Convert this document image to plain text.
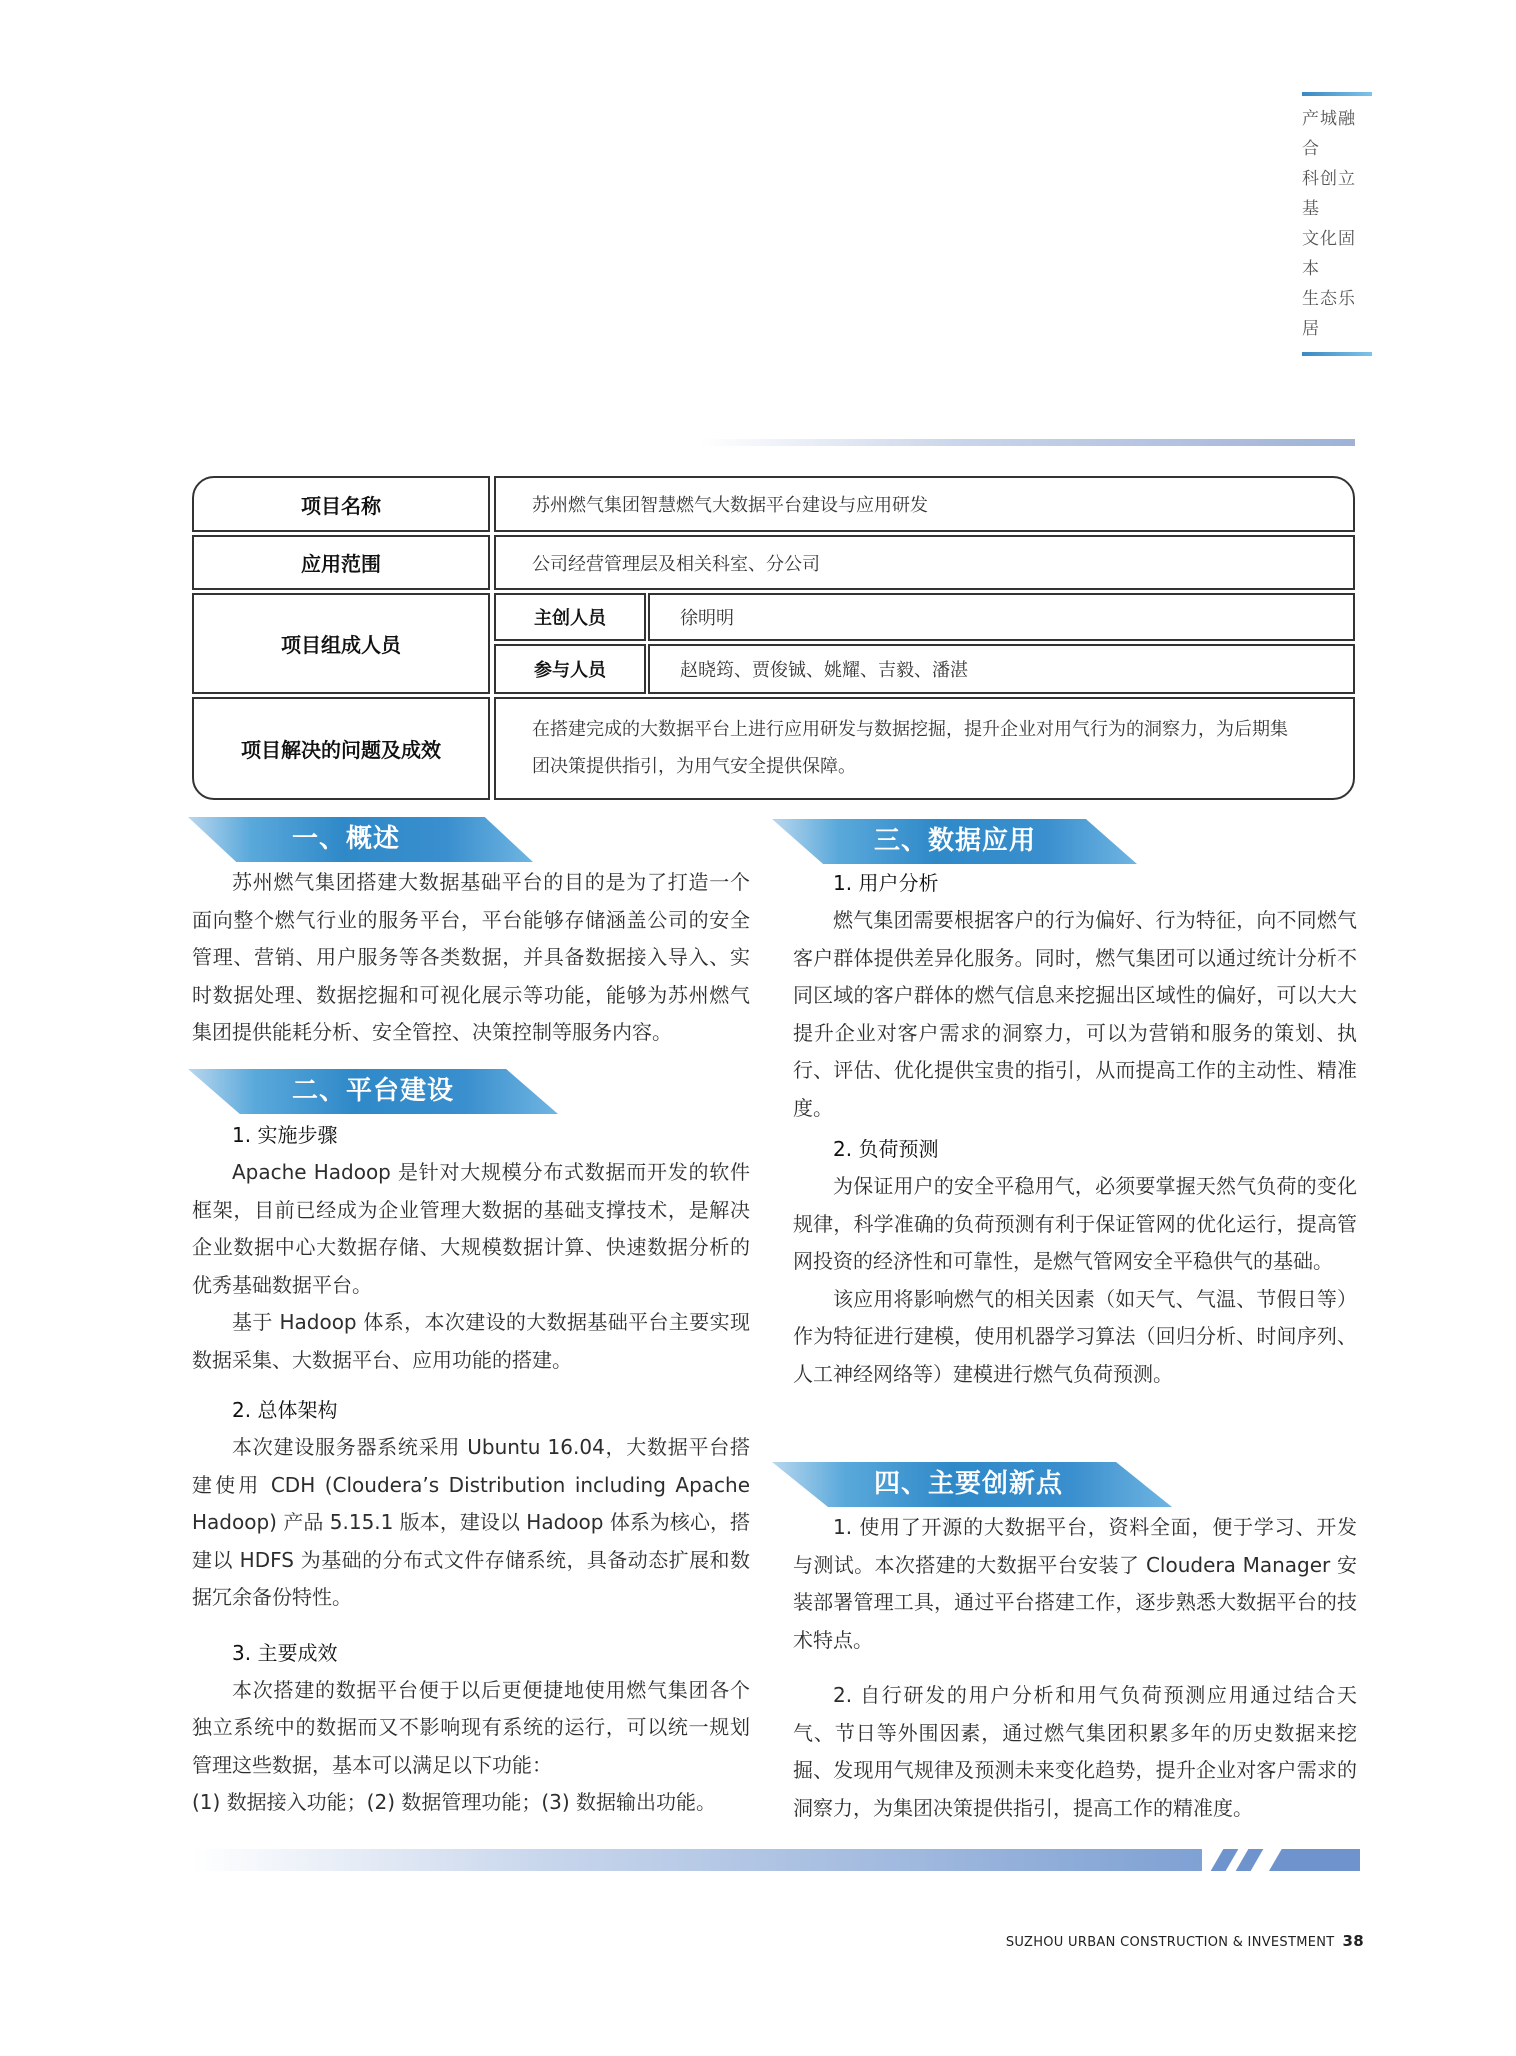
产城融合
科创立基
文化固本
生态乐居
项目名称	苏州燃气集团智慧燃气大数据平台建设与应用研发
应用范围	公司经营管理层及相关科室、分公司
项目组成人员
主创人员	徐明明
参与人员	赵晓筠、贾俊铖、姚耀、吉毅、潘湛
项目解决的问题及成效
在搭建完成的大数据平台上进行应用研发与数据挖掘，提升企业对用气行为的洞察力，为后期集
团决策提供指引，为用气安全提供保障。
一、概述

苏州燃气集团搭建大数据基础平台的目的是为了打造一个面向整个燃气行业的服务平台，平台能够存储涵盖公司的安全管理、营销、用户服务等各类数据，并具备数据接入导入、实时数据处理、数据挖掘和可视化展示等功能，能够为苏州燃气集团提供能耗分析、安全管控、决策控制等服务内容。

二、平台建设
1. 实施步骤

Apache Hadoop 是针对大规模分布式数据而开发的软件框架，目前已经成为企业管理大数据的基础支撑技术，是解决企业数据中心大数据存储、大规模数据计算、快速数据分析的优秀基础数据平台。

基于 Hadoop 体系，本次建设的大数据基础平台主要实现数据采集、大数据平台、应用功能的搭建。

2. 总体架构

本次建设服务器系统采用 Ubuntu 16.04，大数据平台搭建使用 CDH (Cloudera’s Distribution including Apache Hadoop) 产品 5.15.1 版本，建设以 Hadoop 体系为核心，搭建以 HDFS 为基础的分布式文件存储系统，具备动态扩展和数据冗余备份特性。

3. 主要成效

本次搭建的数据平台便于以后更便捷地使用燃气集团各个独立系统中的数据而又不影响现有系统的运行，可以统一规划管理这些数据，基本可以满足以下功能：

(1) 数据接入功能；(2) 数据管理功能；(3) 数据输出功能。

三、数据应用
1. 用户分析

燃气集团需要根据客户的行为偏好、行为特征，向不同燃气客户群体提供差异化服务。同时，燃气集团可以通过统计分析不同区域的客户群体的燃气信息来挖掘出区域性的偏好，可以大大提升企业对客户需求的洞察力，可以为营销和服务的策划、执行、评估、优化提供宝贵的指引，从而提高工作的主动性、精准度。

2. 负荷预测

为保证用户的安全平稳用气，必须要掌握天然气负荷的变化规律，科学准确的负荷预测有利于保证管网的优化运行，提高管网投资的经济性和可靠性，是燃气管网安全平稳供气的基础。

该应用将影响燃气的相关因素（如天气、气温、节假日等）作为特征进行建模，使用机器学习算法（回归分析、时间序列、人工神经网络等）建模进行燃气负荷预测。

四、主要创新点

1. 使用了开源的大数据平台，资料全面，便于学习、开发与测试。本次搭建的大数据平台安装了 Cloudera Manager 安装部署管理工具，通过平台搭建工作，逐步熟悉大数据平台的技术特点。

2. 自行研发的用户分析和用气负荷预测应用通过结合天气、节日等外围因素，通过燃气集团积累多年的历史数据来挖掘、发现用气规律及预测未来变化趋势，提升企业对客户需求的洞察力，为集团决策提供指引，提高工作的精准度。

SUZHOU URBAN CONSTRUCTION & INVESTMENT 38
